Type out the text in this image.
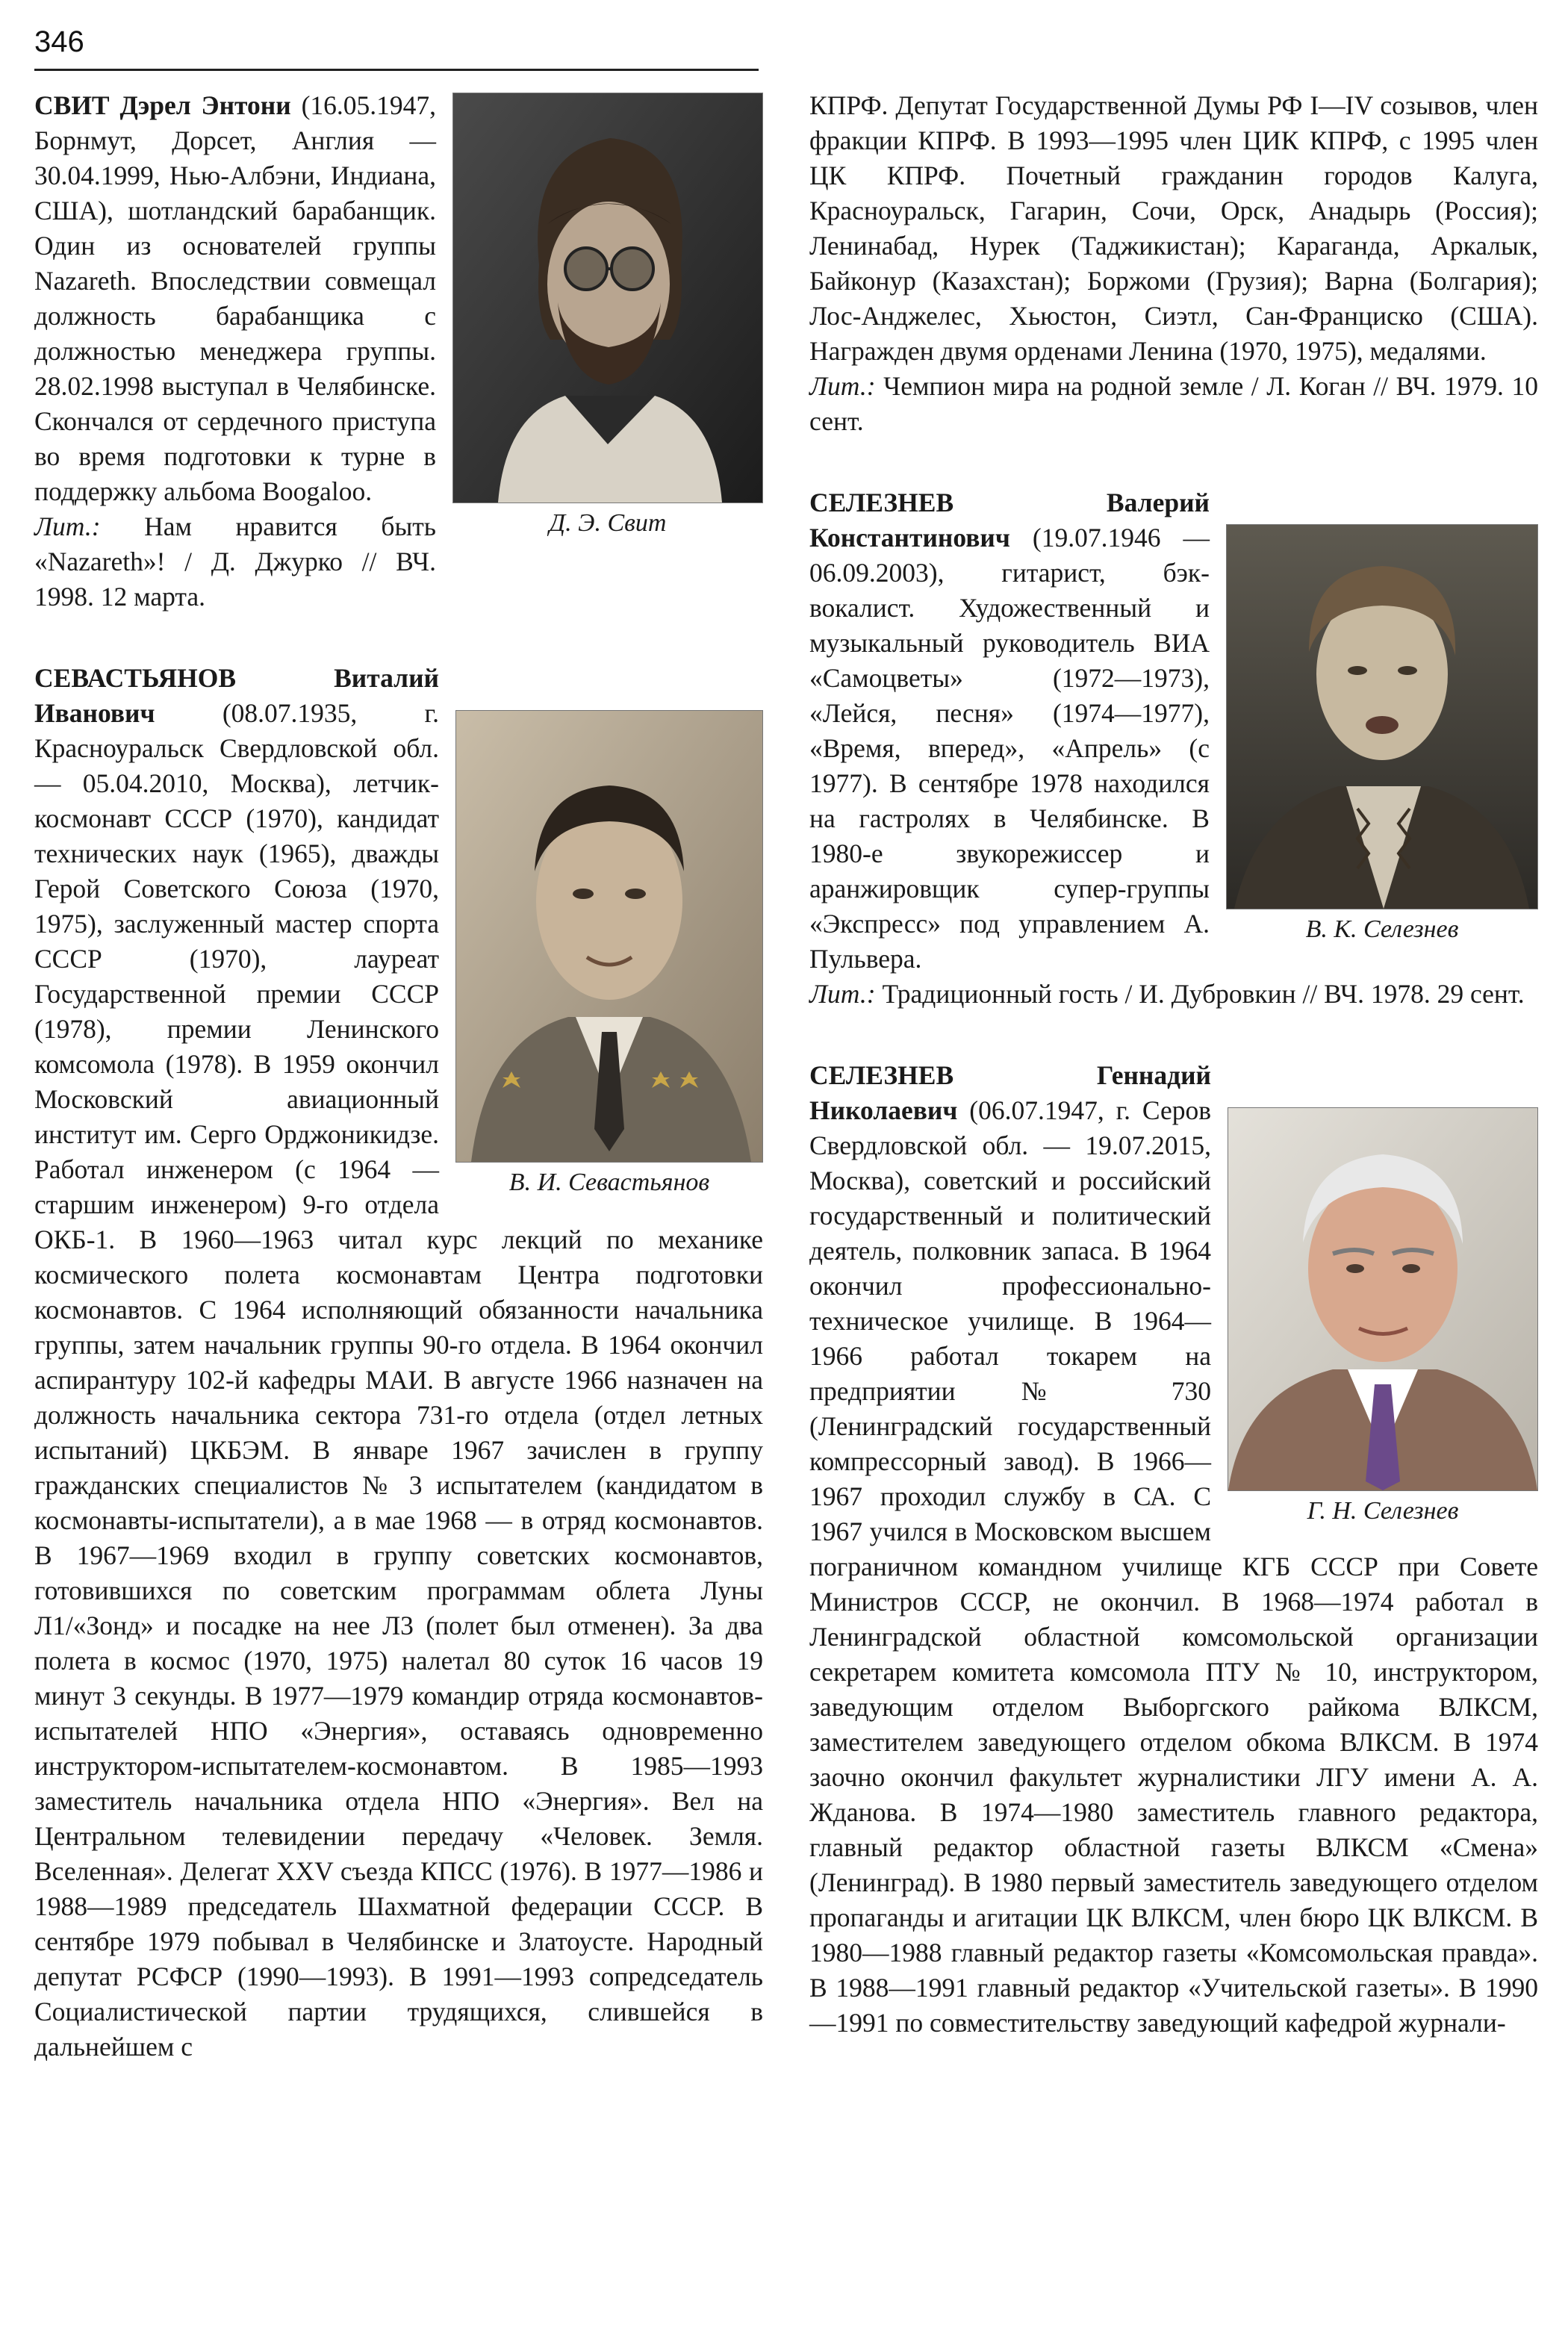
346
Д. Э. Свит

СВИТ Дэрел Энтони (16.05.1947, Борнмут, Дорсет, Англия — 30.04.1999, Нью-Албэни, Индиана, США), шотландский барабанщик. Один из основателей группы Nazareth. Впоследствии совмещал должность барабанщика с должностью менеджера группы. 28.02.1998 выступал в Челябинске. Скончался от сердечного приступа во время подготовки к турне в поддержку альбома Boogaloo.

Лит.: Нам нравится быть «Nazareth»! / Д. Джурко // ВЧ. 1998. 12 марта.

В. И. Севастьянов

СЕВАСТЬЯНОВ Виталий Иванович	(08.07.1935, г. Красноуральск Свердловской обл. — 05.04.2010, Москва), летчик-космонавт СССР (1970), кандидат технических наук (1965), дважды Герой Советского Союза (1970, 1975), заслуженный мастер спорта СССР (1970), лауреат Государственной премии СССР (1978), премии Ленинского комсомола (1978). В 1959 окончил Московский авиационный институт им. Серго Орджоникидзе. Работал инженером (с 1964 — старшим инженером) 9-го отдела ОКБ-1. В 1960—1963 читал курс лекций по механике космического полета космонавтам Центра подготовки космонавтов. С 1964 исполняющий обязанности начальника группы, затем начальник группы 90-го отдела. В 1964 окончил аспирантуру 102-й кафедры МАИ. В августе 1966 назначен на должность начальника сектора 731-го отдела (отдел летных испытаний) ЦКБЭМ. В январе 1967 зачислен в группу гражданских специалистов № 3 испытателем (кандидатом в космонавты-испытатели), а в мае 1968 — в отряд космонавтов. В 1967—1969 входил в группу советских космонавтов, готовившихся по советским программам облета Луны Л1/«Зонд» и посадке на нее Л3 (полет был отменен). За два полета в космос (1970, 1975) налетал 80 суток 16 часов 19 минут 3 секунды. В 1977—1979 командир отряда космонавтов-испытателей НПО «Энергия», оставаясь одновременно инструктором-испытателем-космонавтом. В 1985—1993 заместитель начальника отдела НПО «Энергия». Вел на Центральном телевидении передачу «Человек. Земля. Вселенная». Делегат XXV съезда КПСС (1976). В 1977—1986 и 1988—1989 председатель Шахматной федерации СССР. В сентябре 1979 побывал в Челябинске и Златоусте. Народный депутат РСФСР (1990—1993). В 1991—1993 сопредседатель Социалистической партии трудящихся, слившейся в дальнейшем с

КПРФ. Депутат Государственной Думы РФ I—IV созывов, член фракции КПРФ. В 1993—1995 член ЦИК КПРФ, с 1995 член ЦК КПРФ. Почетный гражданин городов Калуга, Красноуральск, Гагарин, Сочи, Орск, Анадырь (Россия); Ленинабад, Нурек (Таджикистан); Караганда, Аркалык, Байконур (Казахстан); Боржоми (Грузия); Варна (Болгария); Лос-Анджелес, Хьюстон, Сиэтл, Сан-Франциско (США). Награжден двумя орденами Ленина (1970, 1975), медалями.

Лит.: Чемпион мира на родной земле / Л. Коган // ВЧ. 1979. 10 сент.

В. К. Селезнев

СЕЛЕЗНЕВ Валерий Константинович (19.07.1946 — 06.09.2003), гитарист, бэк-вокалист. Художественный и музыкальный руководитель ВИА «Самоцветы» (1972—1973), «Лейся, песня» (1974—1977), «Время, вперед», «Апрель» (с 1977). В сентябре 1978 находился на гастролях в Челябинске. В 1980-е звукорежиссер и аранжировщик супер-группы «Экспресс» под управлением А. Пульвера.

Лит.: Традиционный гость / И. Дубровкин // ВЧ. 1978. 29 сент.

Г. Н. Селезнев

СЕЛЕЗНЕВ Геннадий Николаевич (06.07.1947, г. Серов Свердловской обл. — 19.07.2015, Москва), советский и российский государственный и политический деятель, полковник запаса. В 1964 окончил профессионально-техническое училище. В 1964—1966 работал токарем на предприятии № 730 (Ленинградский государственный компрессорный завод). В 1966—1967 проходил службу в СА. С 1967 учился в Московском высшем пограничном командном училище КГБ СССР при Совете Министров СССР, не окончил. В 1968—1974 работал в Ленинградской областной комсомольской организации секретарем комитета комсомола ПТУ № 10, инструктором, заведующим отделом Выборгского райкома ВЛКСМ, заместителем заведующего отделом обкома ВЛКСМ. В 1974 заочно окончил факультет журналистики ЛГУ имени А. А. Жданова. В 1974—1980 заместитель главного редактора, главный редактор областной газеты ВЛКСМ «Смена» (Ленинград). В 1980 первый заместитель заведующего отделом пропаганды и агитации ЦК ВЛКСМ, член бюро ЦК ВЛКСМ. В 1980—1988 главный редактор газеты «Комсомольская правда». В 1988—1991 главный редактор «Учительской газеты». В 1990—1991 по совместительству заведующий кафедрой журнали-
